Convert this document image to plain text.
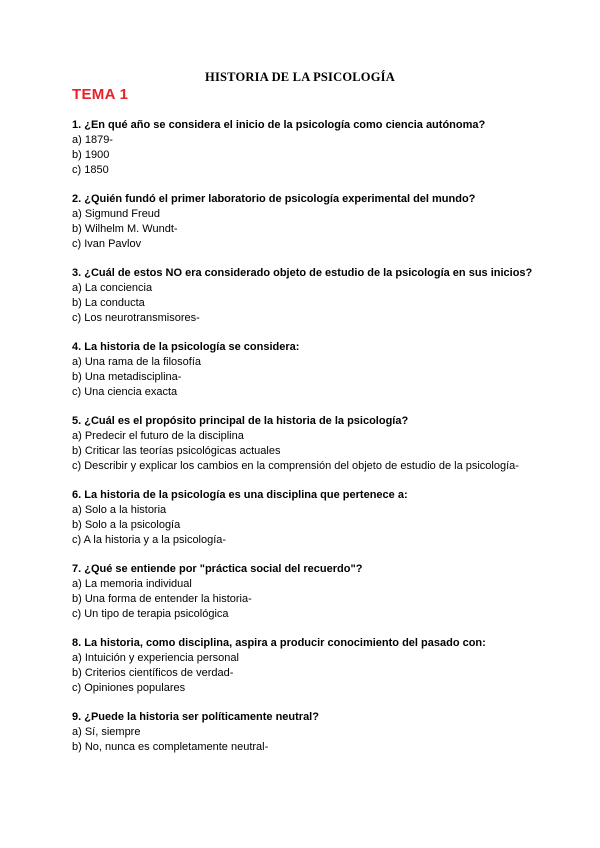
HISTORIA DE LA PSICOLOGÍA
TEMA 1
1. ¿En qué año se considera el inicio de la psicología como ciencia autónoma?
a) 1879-
b) 1900
c) 1850
2. ¿Quién fundó el primer laboratorio de psicología experimental del mundo?
a) Sigmund Freud
b) Wilhelm M. Wundt-
c) Ivan Pavlov
3. ¿Cuál de estos NO era considerado objeto de estudio de la psicología en sus inicios?
a) La conciencia
b) La conducta
c) Los neurotransmisores-
4. La historia de la psicología se considera:
a) Una rama de la filosofía
b) Una metadisciplina-
c) Una ciencia exacta
5. ¿Cuál es el propósito principal de la historia de la psicología?
a) Predecir el futuro de la disciplina
b) Criticar las teorías psicológicas actuales
c) Describir y explicar los cambios en la comprensión del objeto de estudio de la psicología-
6. La historia de la psicología es una disciplina que pertenece a:
a) Solo a la historia
b) Solo a la psicología
c) A la historia y a la psicología-
7. ¿Qué se entiende por "práctica social del recuerdo"?
a) La memoria individual
b) Una forma de entender la historia-
c) Un tipo de terapia psicológica
8. La historia, como disciplina, aspira a producir conocimiento del pasado con:
a) Intuición y experiencia personal
b) Criterios científicos de verdad-
c) Opiniones populares
9. ¿Puede la historia ser políticamente neutral?
a) Sí, siempre
b) No, nunca es completamente neutral-
